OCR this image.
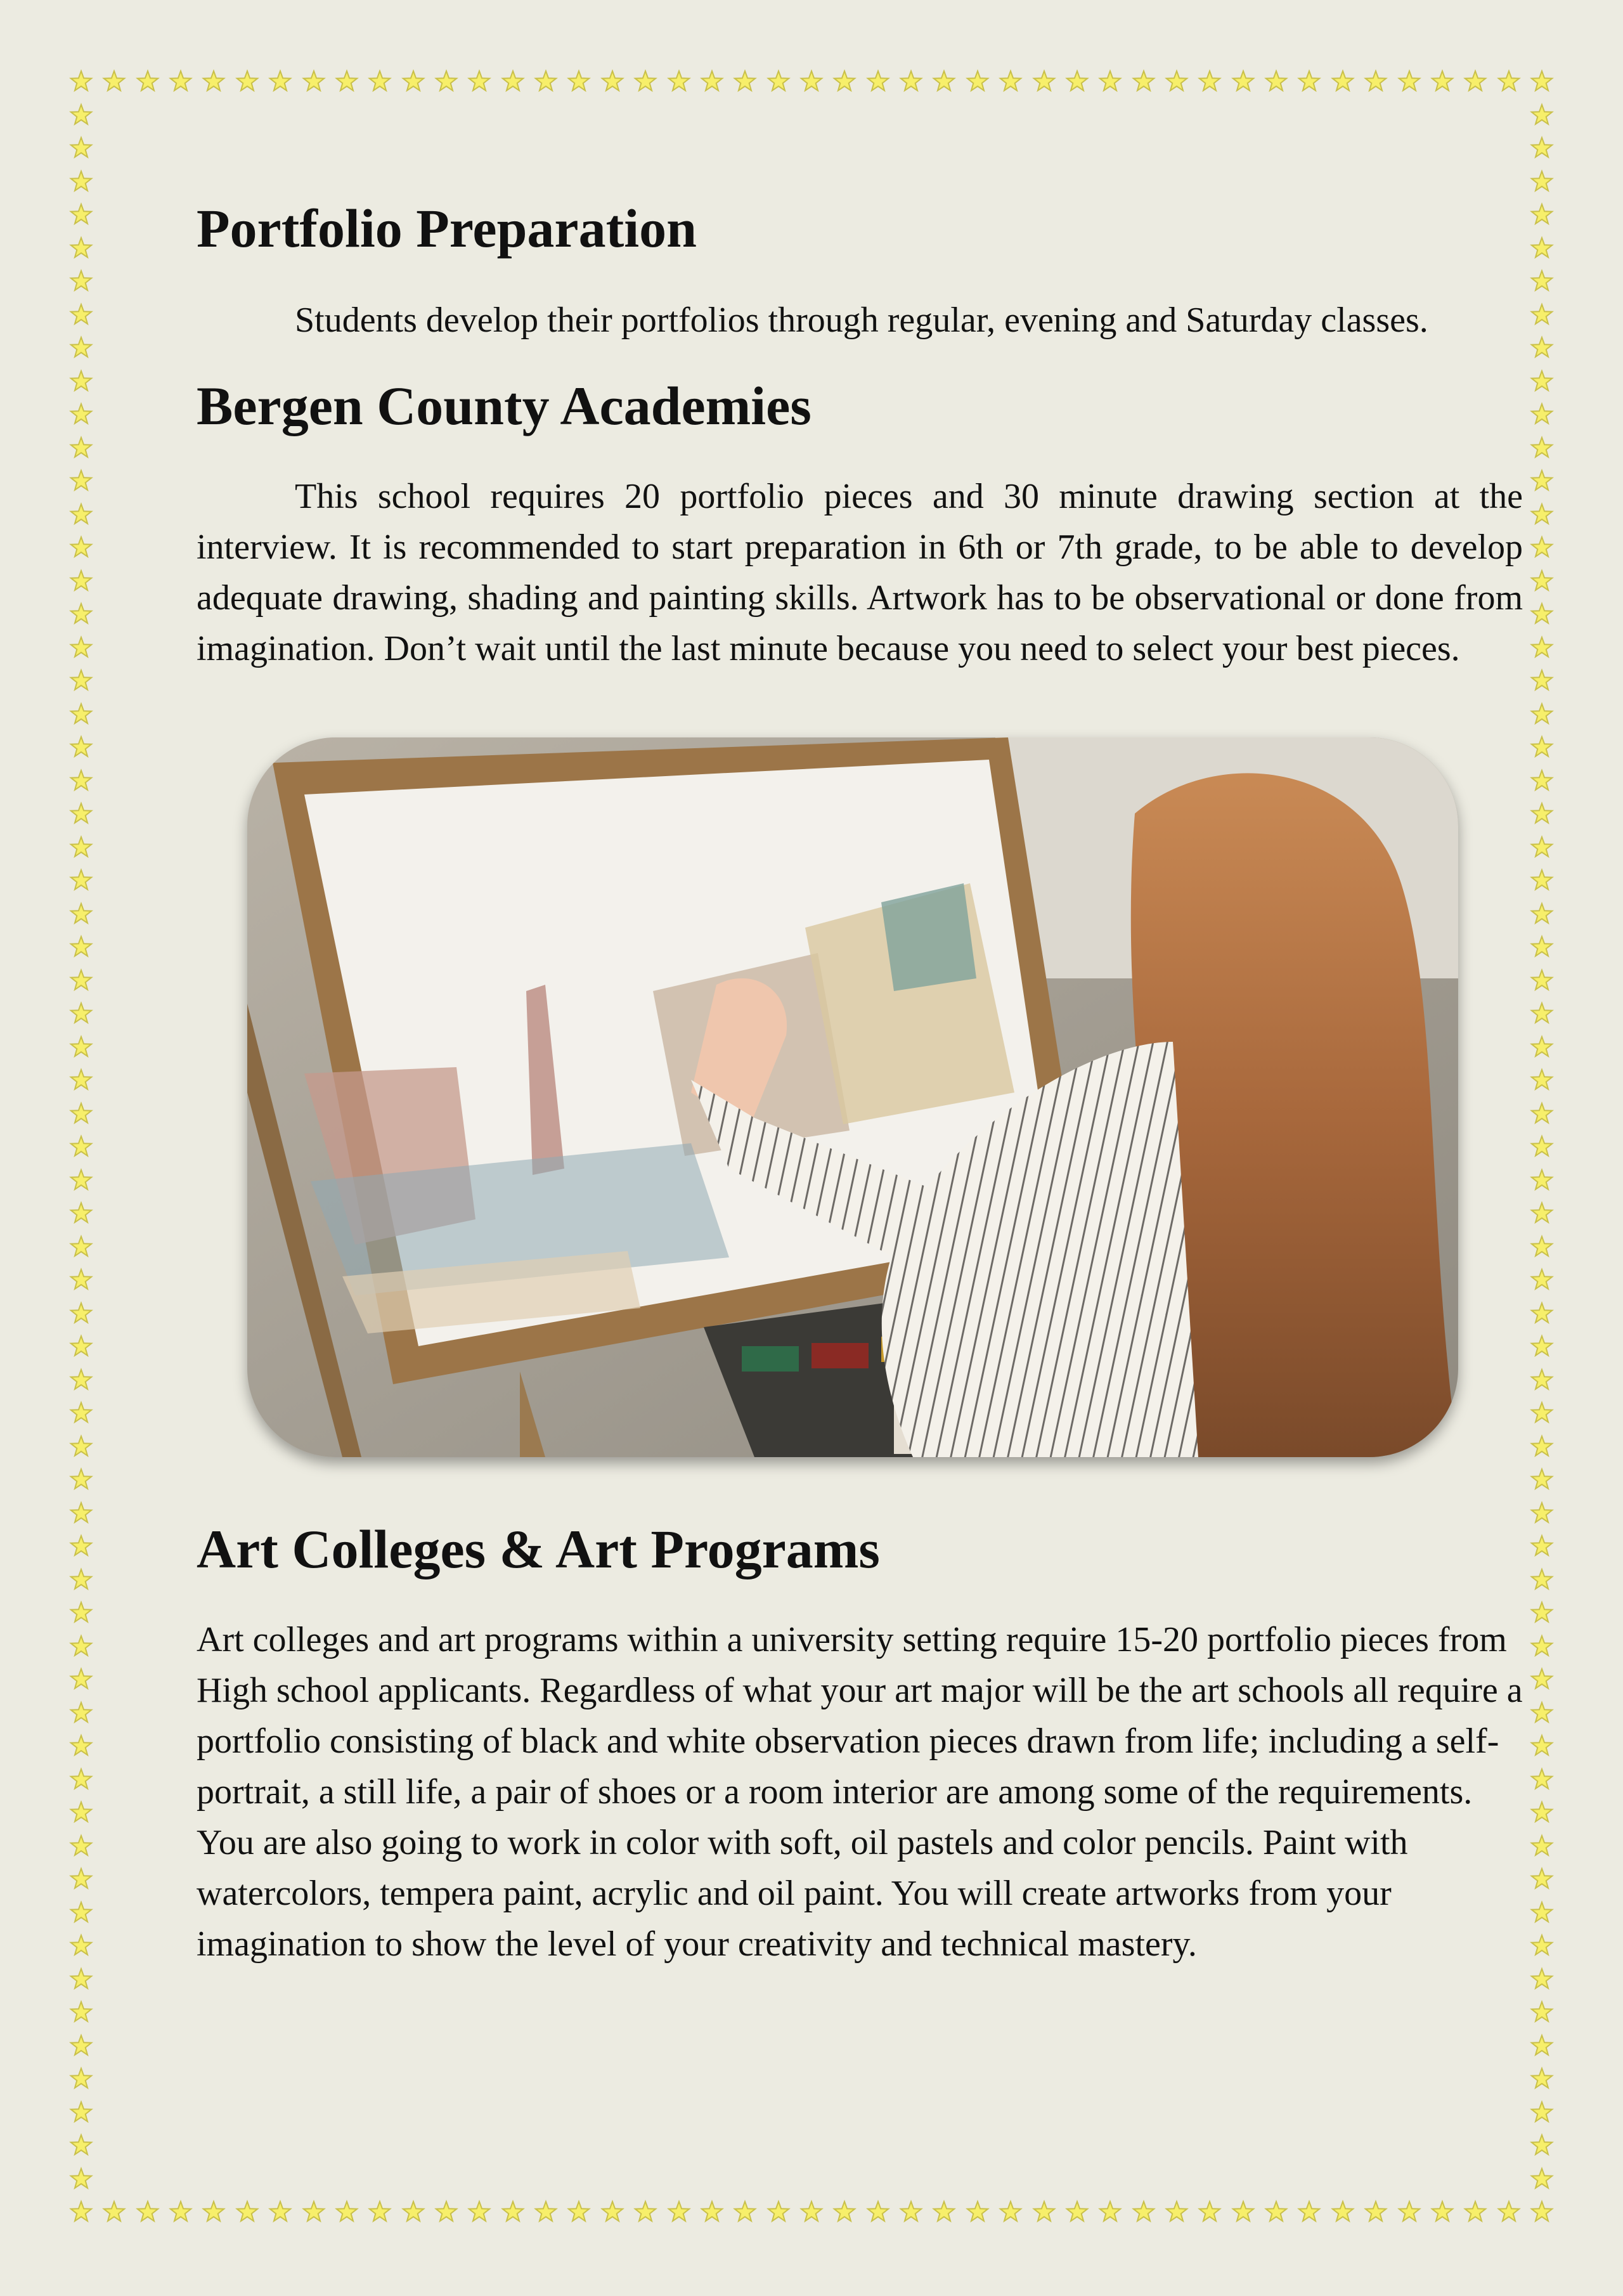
Portfolio Preparation

Students develop their portfolios through regular, evening and Saturday classes.

Bergen County Academies

This school requires 20 portfolio pieces and 30 minute drawing section at the interview. It is recommended to start preparation in 6th or 7th grade, to be able to develop adequate drawing, shading and painting skills. Artwork has to be observational or done from imagination. Don’t wait until the last minute because you need to select your best pieces.

Art Colleges & Art Programs

Art colleges and art programs within a university setting require 15-20 portfolio pieces from High school applicants. Regardless of what your art major will be the art schools all require a portfolio consisting of black and white observation pieces drawn from life; including a self-portrait, a still life, a pair of shoes or a room interior are among some of the requirements. You are also going to work in color with soft, oil pastels and color pencils. Paint with watercolors, tempera paint, acrylic and oil paint. You will create artworks from your imagination to show the level of your creativity and technical mastery.
